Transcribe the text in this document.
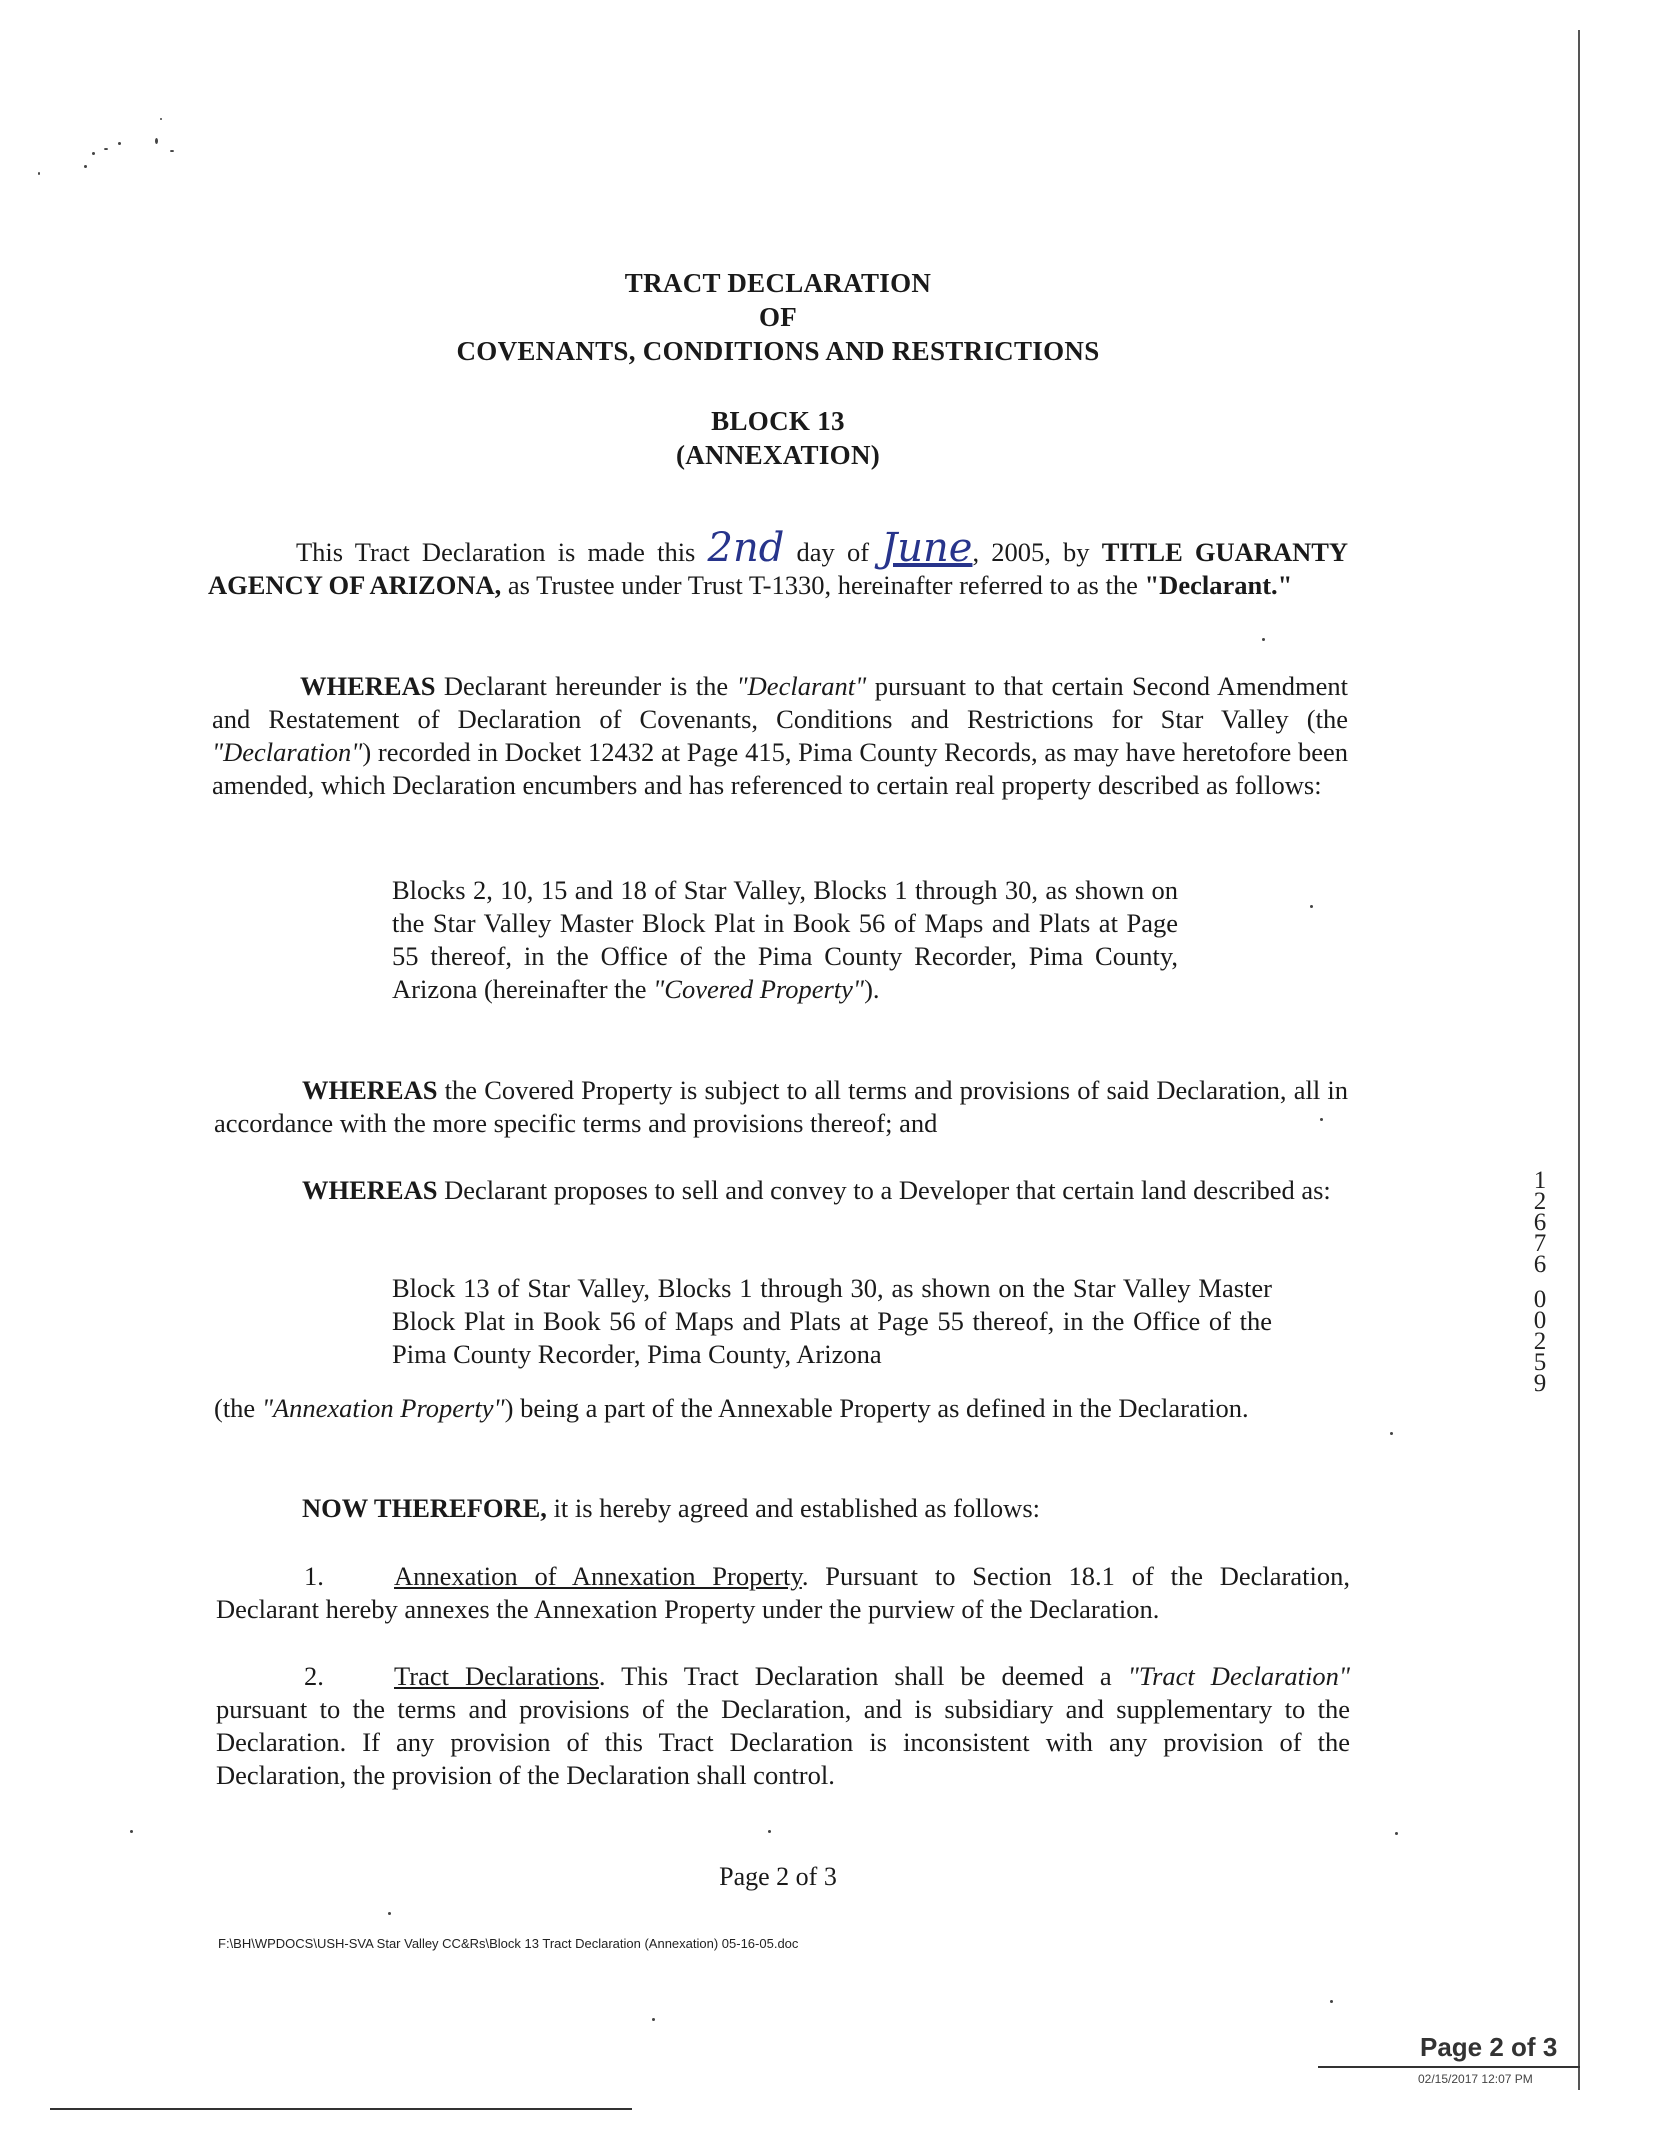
TRACT DECLARATION
OF
COVENANTS, CONDITIONS AND RESTRICTIONS
BLOCK 13
(ANNEXATION)
This Tract Declaration is made this 2nd day of June, 2005, by TITLE GUARANTY AGENCY OF ARIZONA, as Trustee under Trust T-1330, hereinafter referred to as the "Declarant."
WHEREAS Declarant hereunder is the "Declarant" pursuant to that certain Second Amendment and Restatement of Declaration of Covenants, Conditions and Restrictions for Star Valley (the "Declaration") recorded in Docket 12432 at Page 415, Pima County Records, as may have heretofore been amended, which Declaration encumbers and has referenced to certain real property described as follows:
Blocks 2, 10, 15 and 18 of Star Valley, Blocks 1 through 30, as shown on the Star Valley Master Block Plat in Book 56 of Maps and Plats at Page 55 thereof, in the Office of the Pima County Recorder, Pima County, Arizona (hereinafter the "Covered Property").
WHEREAS the Covered Property is subject to all terms and provisions of said Declaration, all in accordance with the more specific terms and provisions thereof; and
WHEREAS Declarant proposes to sell and convey to a Developer that certain land described as:
Block 13 of Star Valley, Blocks 1 through 30, as shown on the Star Valley Master Block Plat in Book 56 of Maps and Plats at Page 55 thereof, in the Office of the Pima County Recorder, Pima County, Arizona
(the "Annexation Property") being a part of the Annexable Property as defined in the Declaration.
NOW THEREFORE, it is hereby agreed and established as follows:
1.	Annexation of Annexation Property. Pursuant to Section 18.1 of the Declaration, Declarant hereby annexes the Annexation Property under the purview of the Declaration.
2.	Tract Declarations. This Tract Declaration shall be deemed a "Tract Declaration" pursuant to the terms and provisions of the Declaration, and is subsidiary and supplementary to the Declaration. If any provision of this Tract Declaration is inconsistent with any provision of the Declaration, the provision of the Declaration shall control.
Page 2 of 3
F:\BH\WPDOCS\USH-SVA Star Valley CC&Rs\Block 13 Tract Declaration (Annexation) 05-16-05.doc
1
2
6
7
6
0
0
2
5
9
Page 2 of 3
02/15/2017 12:07 PM
